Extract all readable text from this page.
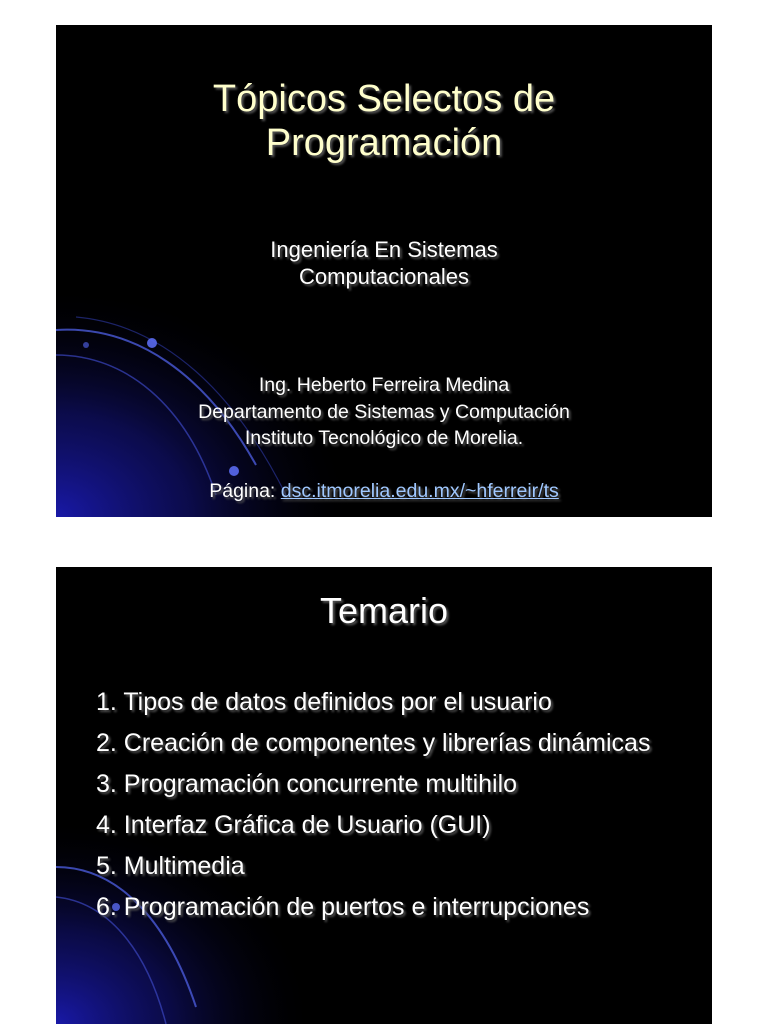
Tópicos Selectos de
Programación
Ingeniería En Sistemas
Computacionales
Ing. Heberto Ferreira Medina
Departamento de Sistemas y Computación
Instituto Tecnológico de Morelia.
Página: dsc.itmorelia.edu.mx/~hferreir/ts
Temario
1. Tipos de datos definidos por el usuario
2. Creación de componentes y librerías dinámicas
3. Programación concurrente multihilo
4. Interfaz Gráfica de Usuario (GUI)
5. Multimedia
6. Programación de puertos e interrupciones
